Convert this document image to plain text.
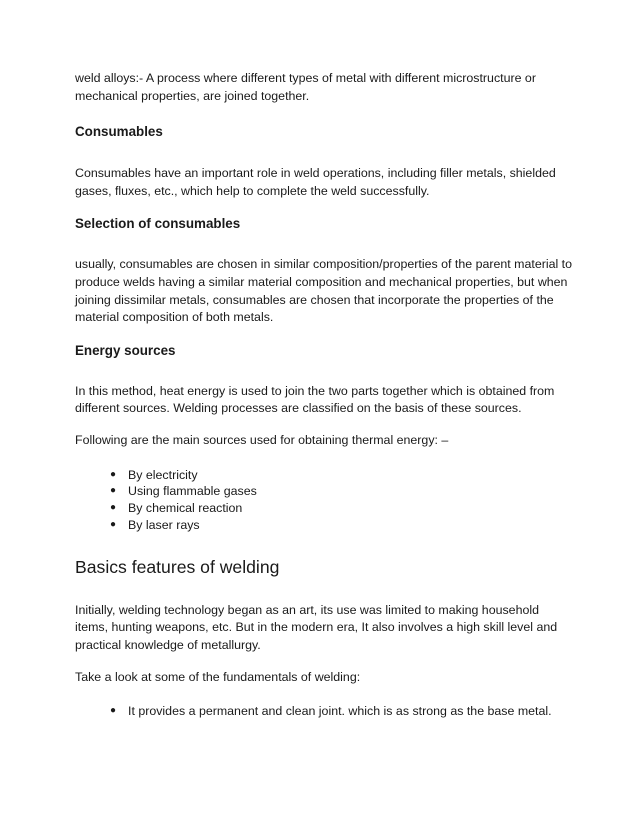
weld alloys:- A process where different types of metal with different microstructure or mechanical properties, are joined together.

Consumables

Consumables have an important role in weld operations, including filler metals, shielded gases, fluxes, etc., which help to complete the weld successfully.

Selection of consumables

usually, consumables are chosen in similar composition/properties of the parent material to produce welds having a similar material composition and mechanical properties, but when joining dissimilar metals, consumables are chosen that incorporate the properties of the material composition of both metals.

Energy sources

In this method, heat energy is used to join the two parts together which is obtained from different sources. Welding processes are classified on the basis of these sources.

Following are the main sources used for obtaining thermal energy: –

● By electricity
● Using flammable gases
● By chemical reaction
● By laser rays
Basics features of welding

Initially, welding technology began as an art, its use was limited to making household items, hunting weapons, etc. But in the modern era, It also involves a high skill level and practical knowledge of metallurgy.

Take a look at some of the fundamentals of welding:

● It provides a permanent and clean joint. which is as strong as the base metal.
